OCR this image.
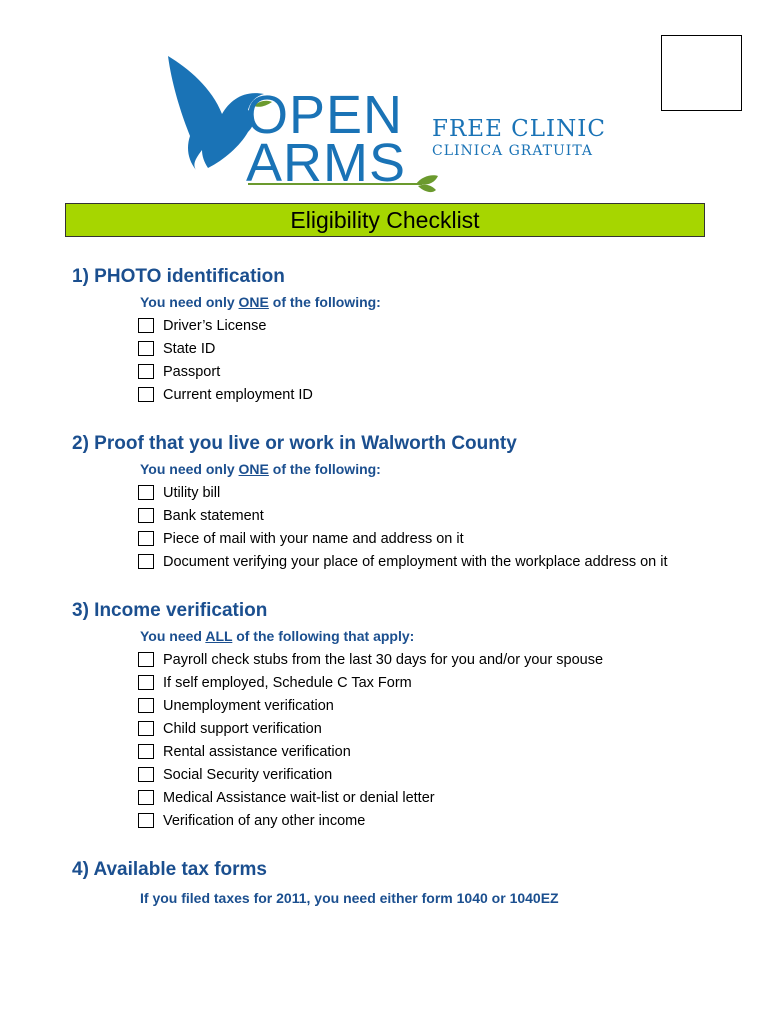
OPEN
ARMS
FREE CLINIC
CLINICA GRATUITA
Eligibility Checklist
1) PHOTO identification
You need only ONE of the following:
Driver’s License
State ID
Passport
Current employment ID
2) Proof that you live or work in Walworth County
You need only ONE of the following:
Utility bill
Bank statement
Piece of mail with your name and address on it
Document verifying your place of employment with the workplace address on it
3) Income verification
You need ALL of the following that apply:
Payroll check stubs from the last 30 days for you and/or your spouse
If self employed, Schedule C Tax Form
Unemployment verification
Child support verification
Rental assistance verification
Social Security verification
Medical Assistance wait-list or denial letter
Verification of any other income
4) Available tax forms
If you filed taxes for 2011, you need either form 1040 or 1040EZ
